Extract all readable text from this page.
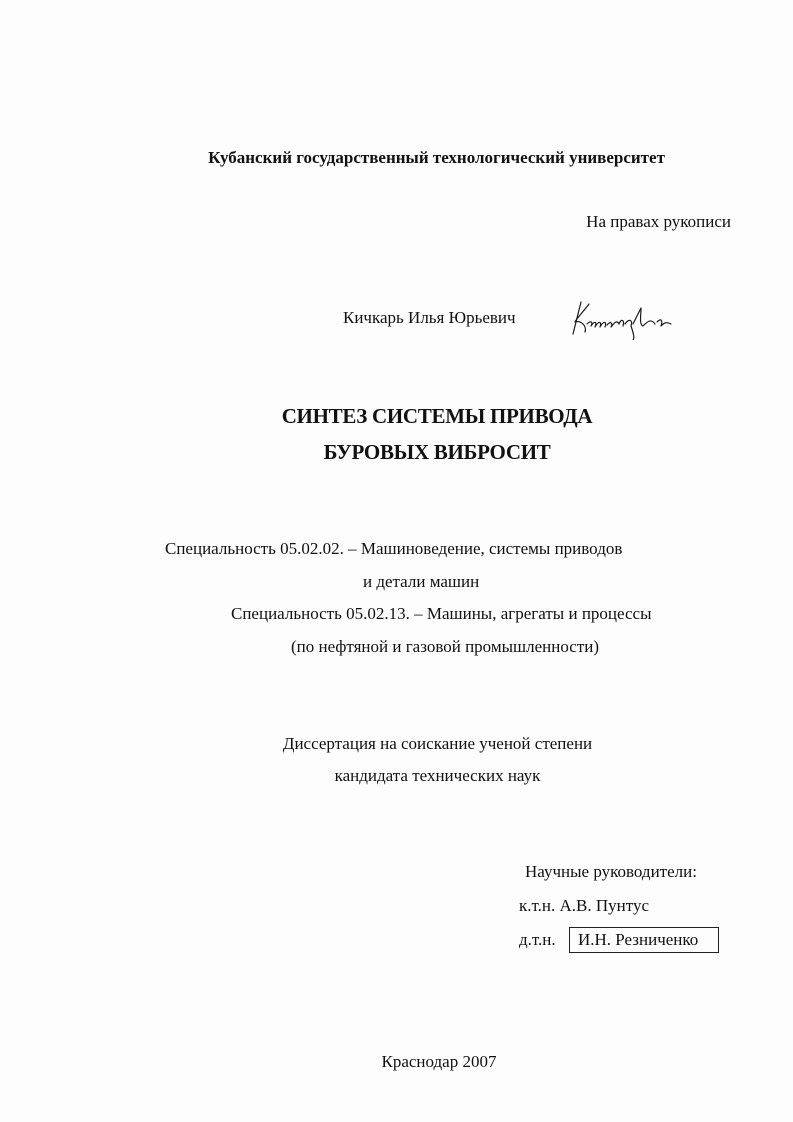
Кубанский государственный технологический университет
На правах рукописи
Кичкарь Илья Юрьевич
СИНТЕЗ СИСТЕМЫ ПРИВОДА
БУРОВЫХ ВИБРОСИТ
Специальность 05.02.02. – Машиноведение, системы приводов
и детали машин
Специальность 05.02.13. – Машины, агрегаты и процессы
(по нефтяной и газовой промышленности)
Диссертация на соискание ученой степени
кандидата технических наук
Научные руководители:
к.т.н. А.В. Пунтус
д.т.н.	И.Н. Резниченко
Краснодар 2007
